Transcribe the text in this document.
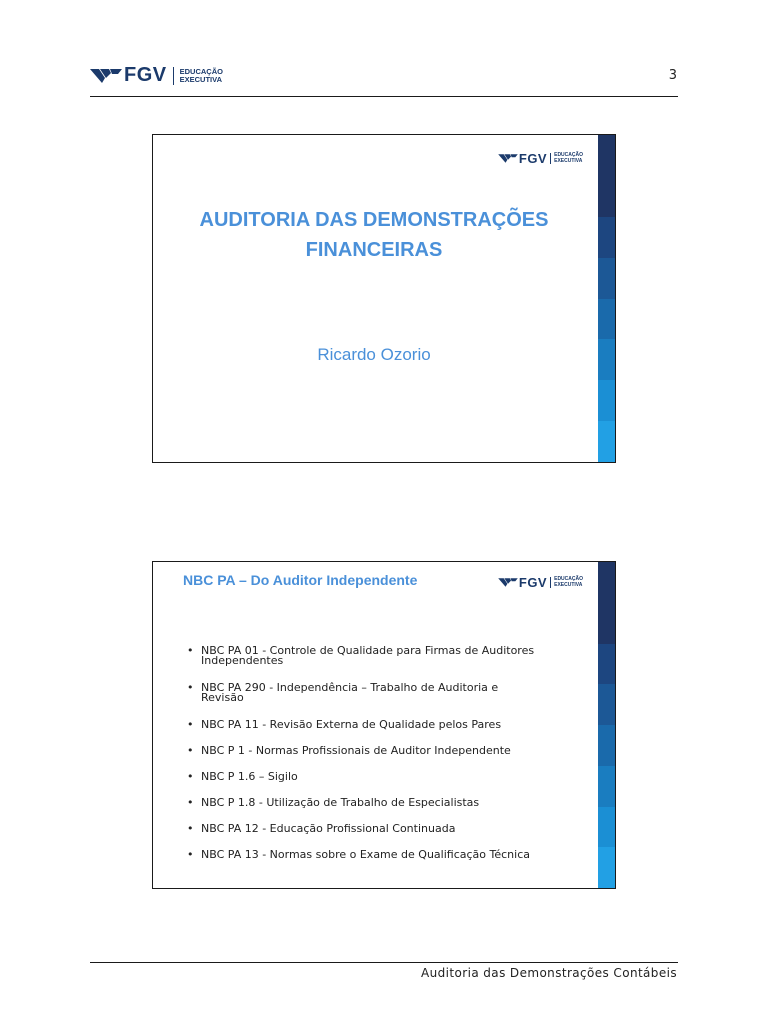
FGV EDUCAÇÃO
EXECUTIVA	3
FGV EDUCAÇÃO
EXECUTIVA
AUDITORIA DAS DEMONSTRAÇÕES
FINANCEIRAS
Ricardo Ozorio
NBC PA – Do Auditor Independente	FGV EDUCAÇÃO
EXECUTIVA
• NBC PA 01 - Controle de Qualidade para Firmas de Auditores
Independentes
• NBC PA 290 - Independência – Trabalho de Auditoria e
Revisão
• NBC PA 11 - Revisão Externa de Qualidade pelos Pares
• NBC P 1 - Normas Profissionais de Auditor Independente
• NBC P 1.6 – Sigilo
• NBC P 1.8 - Utilização de Trabalho de Especialistas
• NBC PA 12 - Educação Profissional Continuada
• NBC PA 13 - Normas sobre o Exame de Qualificação Técnica
Auditoria das Demonstrações Contábeis
